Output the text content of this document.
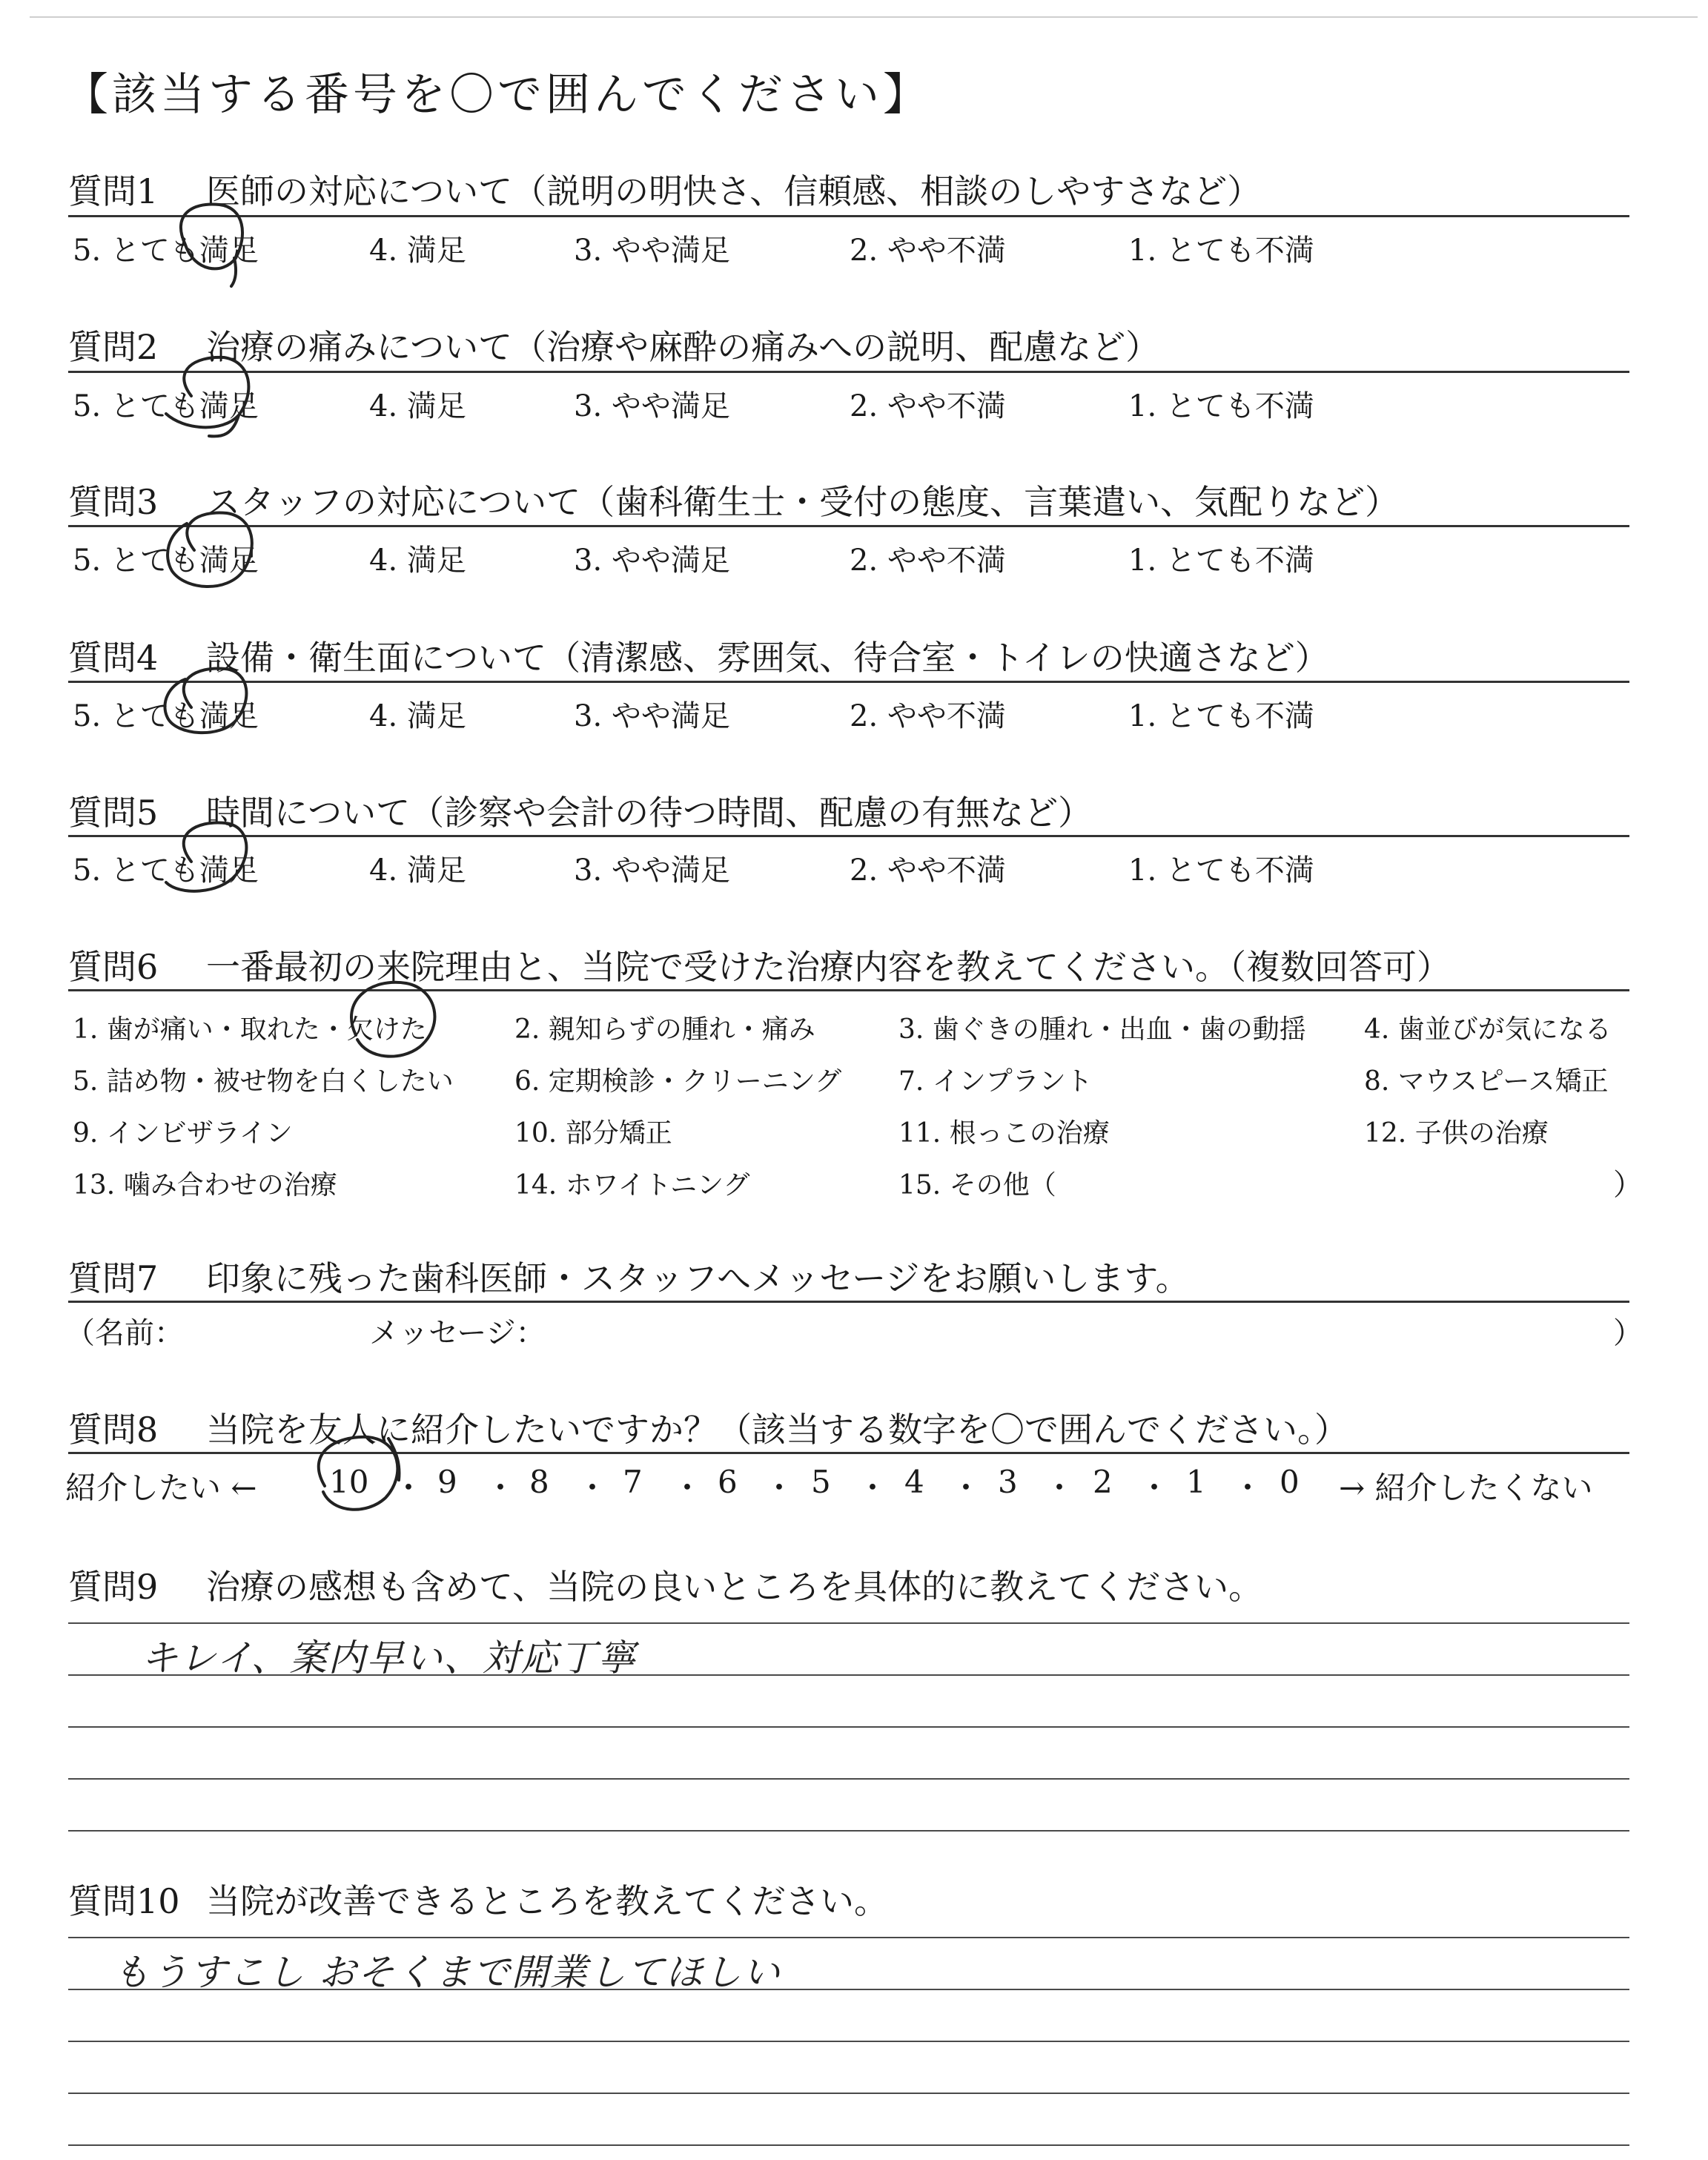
【該当する番号を〇で囲んでください】
質問1 医師の対応について（説明の明快さ、信頼感、相談のしやすさなど）
5. とても満足	4. 満足	3. やや満足	2. やや不満	1. とても不満
質問2 治療の痛みについて（治療や麻酔の痛みへの説明、配慮など）
5. とても満足	4. 満足	3. やや満足	2. やや不満	1. とても不満
質問3 スタッフの対応について（歯科衛生士・受付の態度、言葉遣い、気配りなど）
5. とても満足	4. 満足	3. やや満足	2. やや不満	1. とても不満
質問4 設備・衛生面について（清潔感、雰囲気、待合室・トイレの快適さなど）
5. とても満足	4. 満足	3. やや満足	2. やや不満	1. とても不満
質問5 時間について（診察や会計の待つ時間、配慮の有無など）
5. とても満足	4. 満足	3. やや満足	2. やや不満	1. とても不満
質問6 一番最初の来院理由と、当院で受けた治療内容を教えてください。（複数回答可）
1. 歯が痛い・取れた・欠けた	2. 親知らずの腫れ・痛み	3. 歯ぐきの腫れ・出血・歯の動揺 4. 歯並びが気になる
5. 詰め物・被せ物を白くしたい 6. 定期検診・クリーニング 7. インプラント	8. マウスピース矯正
9. インビザライン	10. 部分矯正	11. 根っこの治療	12. 子供の治療
13. 噛み合わせの治療	14. ホワイトニング	15. その他（	）
質問7 印象に残った歯科医師・スタッフへメッセージをお願いします。
（名前：	メッセージ：	）
質問8 当院を友人に紹介したいですか？（該当する数字を〇で囲んでください。）
紹介したい ← 10 ・ 9 ・ 8 ・ 7 ・ 6 ・ 5 ・ 4 ・ 3 ・ 2 ・ 1 ・ 0 → 紹介したくない
質問9 治療の感想も含めて、当院の良いところを具体的に教えてください。
キレイ、案内早い、対応丁寧
質問10 当院が改善できるところを教えてください。
もうすこし おそくまで開業してほしい
